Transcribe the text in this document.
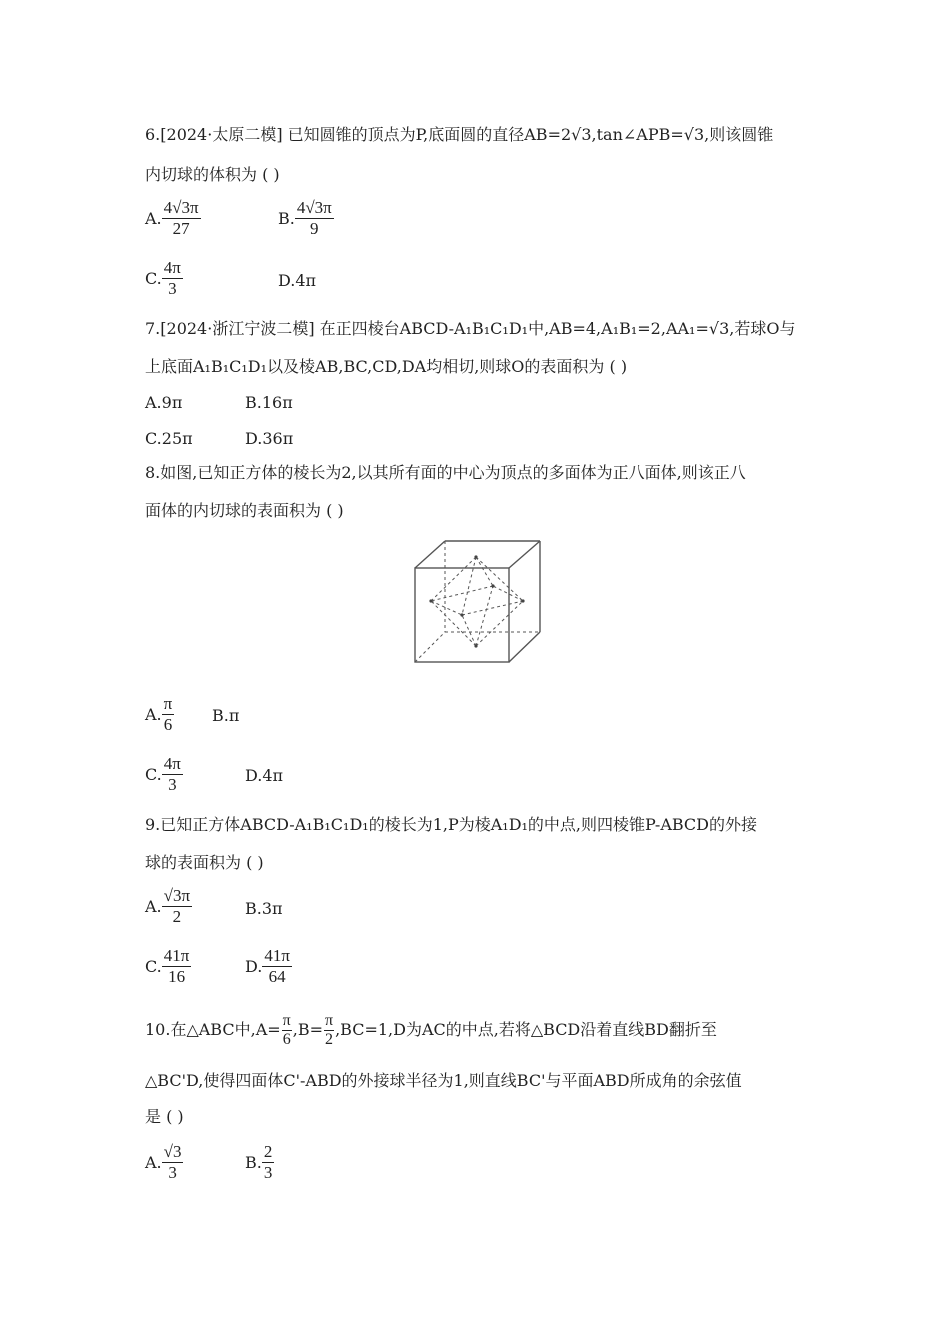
6.[2024·太原二模] 已知圆锥的顶点为P,底面圆的直径AB=2√3,tan∠APB=√3,则该圆锥
内切球的体积为 ( )
A. $\frac{4√3\pi}{27}$	B. $\frac{4√3\pi}{9}$
C. $\frac{4\pi}{3}$	D.4π
7.[2024·浙江宁波二模] 在正四棱台ABCD-A₁B₁C₁D₁中,AB=4,A₁B₁=2,AA₁=√3,若球O与
上底面A₁B₁C₁D₁以及棱AB,BC,CD,DA均相切,则球O的表面积为 ( )
A.9π	B.16π
C.25π	D.36π
8.如图,已知正方体的棱长为2,以其所有面的中心为顶点的多面体为正八面体,则该正八
面体的内切球的表面积为 ( )
A. $\frac{\pi}{6} B.\pi$
C. $\frac{4\pi}{3}$	D.4π
9.已知正方体ABCD-A₁B₁C₁D₁的棱长为1,P为棱A₁D₁的中点,则四棱锥P-ABCD的外接
球的表面积为 ( )
A. $\frac{√3\pi}{2}$	B.3π
C. $\frac{41\pi}{16}$	D. $\frac{41\pi}{64}$
10.在△ABC中$,A= \frac{\pi}{6} ,B= \frac{\pi}{2} ,BC=1,D$为AC的中点,若将△BCD沿着直线BD翻折至
△BC'D,使得四面体C'-ABD的外接球半径为1,则直线BC'与平面ABD所成角的余弦值
是 ( )
A. $\frac{√3}{3}$	B. $\frac{2}{3}$
